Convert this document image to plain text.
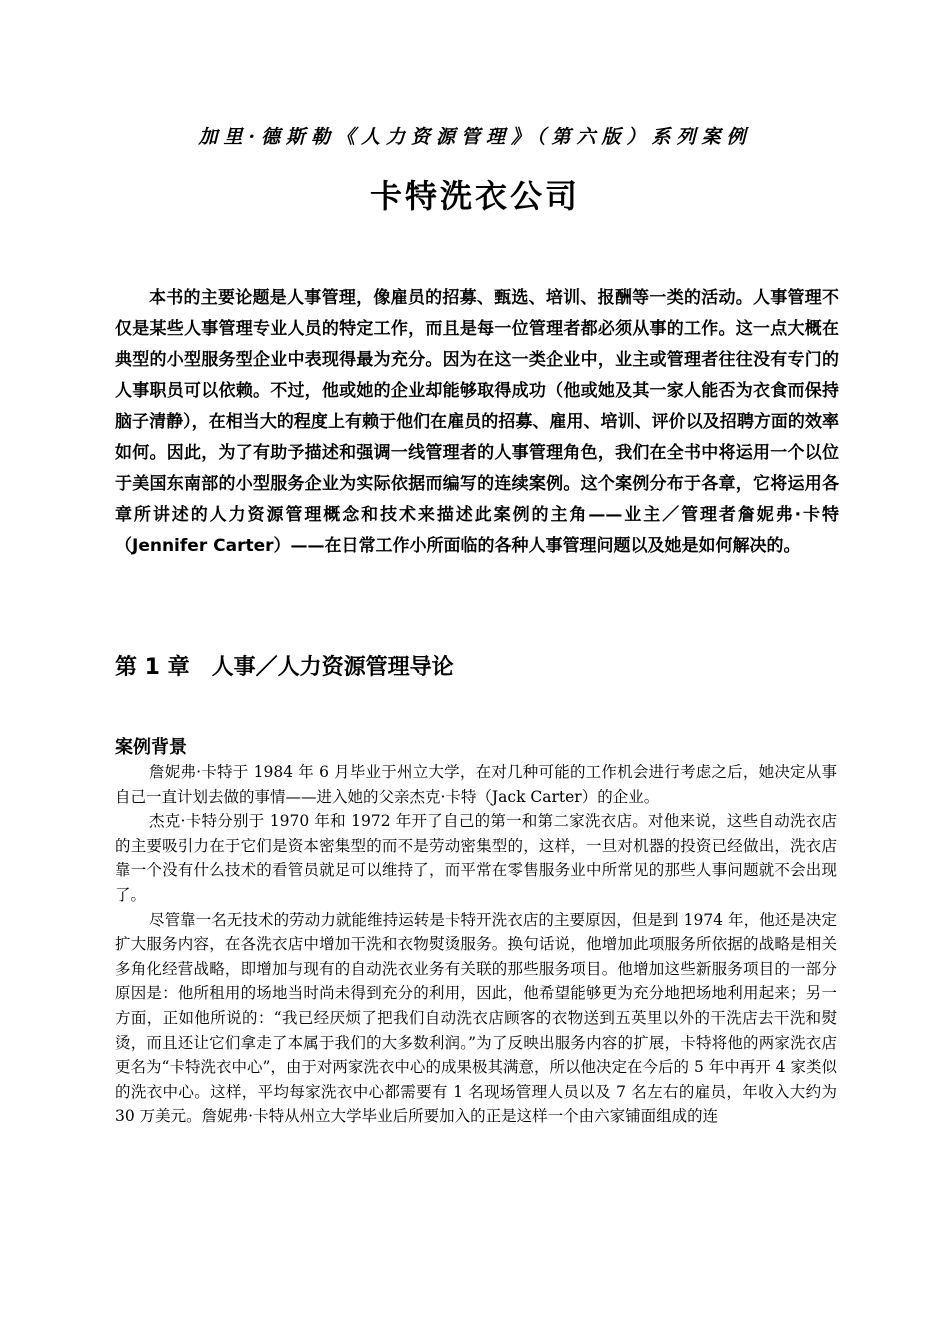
加里·德斯勒《人力资源管理》（第六版）系列案例
卡特洗衣公司

本书的主要论题是人事管理，像雇员的招募、甄选、培训、报酬等一类的活动。人事管理不仅是某些人事管理专业人员的特定工作，而且是每一位管理者都必须从事的工作。这一点大概在典型的小型服务型企业中表现得最为充分。因为在这一类企业中，业主或管理者往往没有专门的人事职员可以依赖。不过，他或她的企业却能够取得成功（他或她及其一家人能否为衣食而保持脑子清静），在相当大的程度上有赖于他们在雇员的招募、雇用、培训、评价以及招聘方面的效率如何。因此，为了有助予描述和强调一线管理者的人事管理角色，我们在全书中将运用一个以位于美国东南部的小型服务企业为实际依据而编写的连续案例。这个案例分布于各章，它将运用各章所讲述的人力资源管理概念和技术来描述此案例的主角——业主／管理者詹妮弗·卡特（Jennifer Carter）——在日常工作小所面临的各种人事管理问题以及她是如何解决的。

第 1 章　人事／人力资源管理导论
案例背景

詹妮弗·卡特于 1984 年 6 月毕业于州立大学，在对几种可能的工作机会进行考虑之后，她决定从事自己一直计划去做的事情——进入她的父亲杰克·卡特（Jack Carter）的企业。

杰克·卡特分别于 1970 年和 1972 年开了自己的第一和第二家洗衣店。对他来说，这些自动洗衣店的主要吸引力在于它们是资本密集型的而不是劳动密集型的，这样，一旦对机器的投资已经做出，洗衣店靠一个没有什么技术的看管员就足可以维持了，而平常在零售服务业中所常见的那些人事问题就不会出现了。

尽管靠一名无技术的劳动力就能维持运转是卡特开洗衣店的主要原因，但是到 1974 年，他还是决定扩大服务内容，在各洗衣店中增加干洗和衣物熨烫服务。换句话说，他增加此项服务所依据的战略是相关多角化经营战略，即增加与现有的自动洗衣业务有关联的那些服务项目。他增加这些新服务项目的一部分原因是：他所租用的场地当时尚未得到充分的利用，因此，他希望能够更为充分地把场地利用起来；另一方面，正如他所说的：“我已经厌烦了把我们自动洗衣店顾客的衣物送到五英里以外的干洗店去干洗和熨烫，而且还让它们拿走了本属于我们的大多数利润。”为了反映出服务内容的扩展，卡特将他的两家洗衣店更名为“卡特洗衣中心”，由于对两家洗衣中心的成果极其满意，所以他决定在今后的 5 年中再开 4 家类似的洗衣中心。这样，平均每家洗衣中心都需要有 1 名现场管理人员以及 7 名左右的雇员，年收入大约为 30 万美元。詹妮弗·卡特从州立大学毕业后所要加入的正是这样一个由六家铺面组成的连
